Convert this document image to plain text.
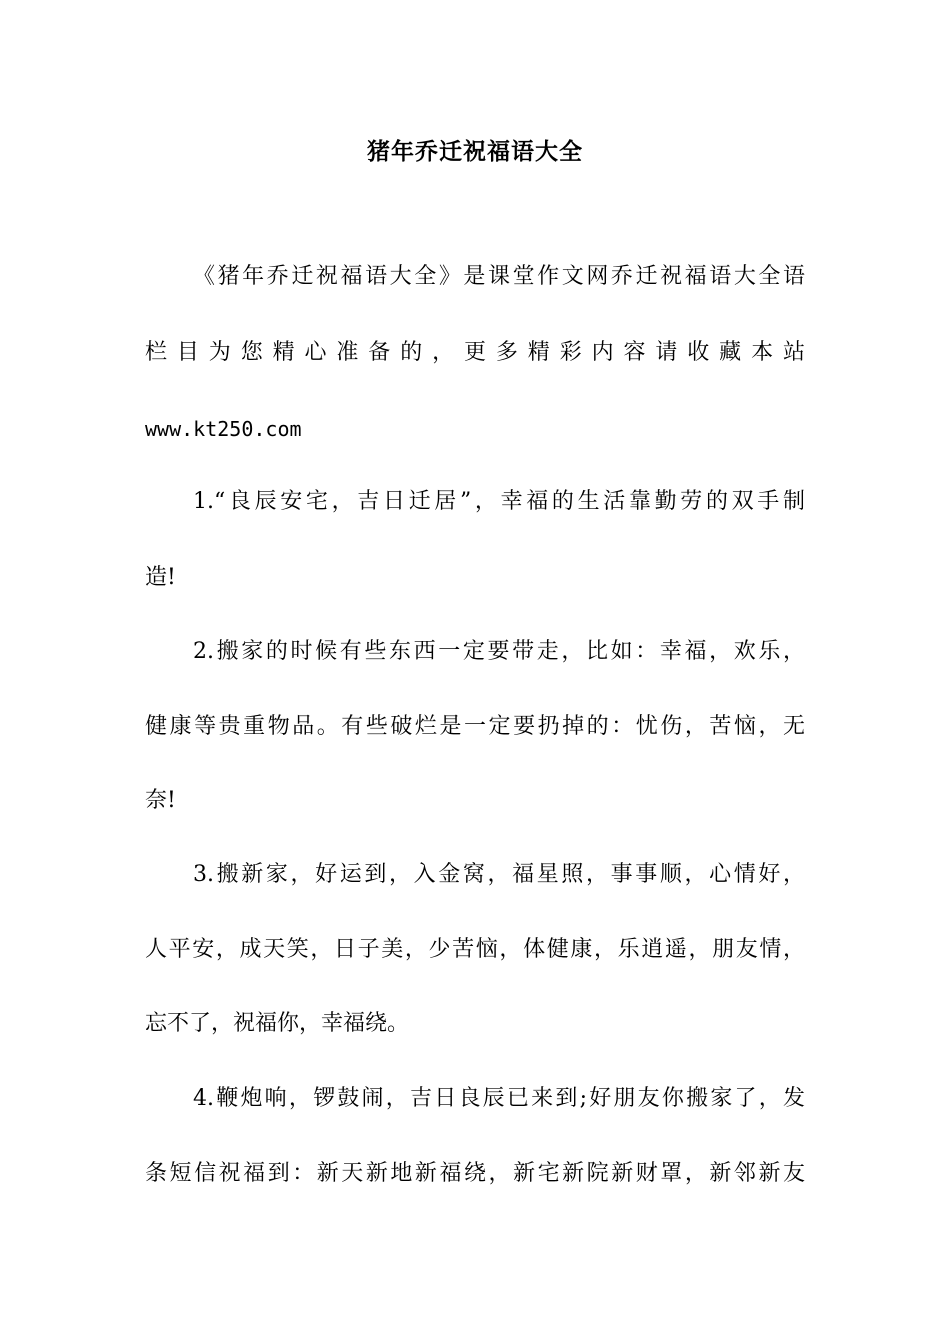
猪年乔迁祝福语大全
《猪年乔迁祝福语大全》是课堂作文网乔迁祝福语大全语
栏目为您精心准备的，更多精彩内容请收藏本站
www.kt250.com
1.“良辰安宅，吉日迁居”，幸福的生活靠勤劳的双手制
造!
2.搬家的时候有些东西一定要带走，比如：幸福，欢乐，
健康等贵重物品。有些破烂是一定要扔掉的：忧伤，苦恼，无
奈!
3.搬新家，好运到，入金窝，福星照，事事顺，心情好，
人平安，成天笑，日子美，少苦恼，体健康，乐逍遥，朋友情，
忘不了，祝福你，幸福绕。
4.鞭炮响，锣鼓闹，吉日良辰已来到;好朋友你搬家了，发
条短信祝福到：新天新地新福绕，新宅新院新财罩，新邻新友
